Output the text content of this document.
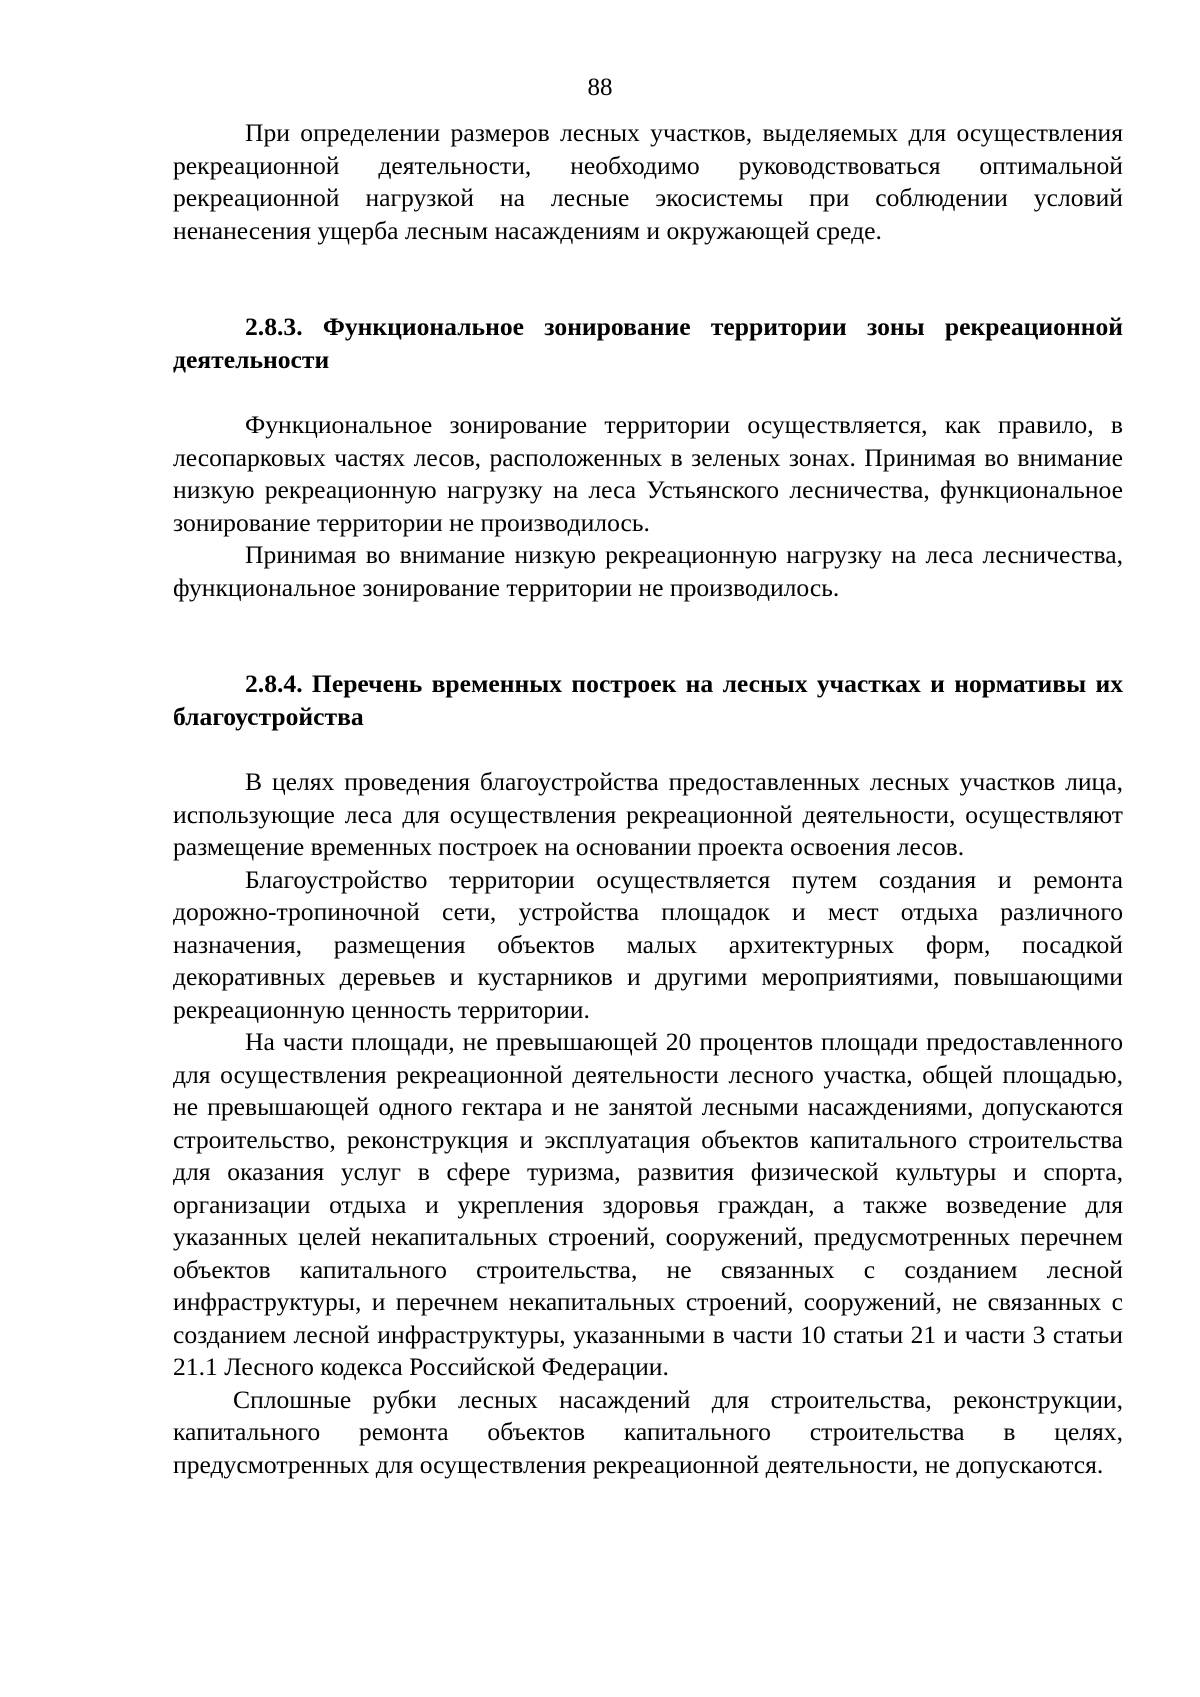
88

При определении размеров лесных участков, выделяемых для осуществления рекреационной деятельности, необходимо руководствоваться оптимальной рекреационной нагрузкой на лесные экосистемы при соблюдении условий ненанесения ущерба лесным насаждениям и окружающей среде.

2.8.3. Функциональное зонирование территории зоны рекреационной деятельности

Функциональное зонирование территории осуществляется, как правило, в лесопарковых частях лесов, расположенных в зеленых зонах. Принимая во внимание низкую рекреационную нагрузку на леса Устьянского лесничества, функциональное зонирование территории не производилось.

Принимая во внимание низкую рекреационную нагрузку на леса лесничества, функциональное зонирование территории не производилось.

2.8.4. Перечень временных построек на лесных участках и нормативы их благоустройства

В целях проведения благоустройства предоставленных лесных участков лица, использующие леса для осуществления рекреационной деятельности, осуществляют размещение временных построек на основании проекта освоения лесов.

Благоустройство территории осуществляется путем создания и ремонта дорожно-тропиночной сети, устройства площадок и мест отдыха различного назначения, размещения объектов малых архитектурных форм, посадкой декоративных деревьев и кустарников и другими мероприятиями, повышающими рекреационную ценность территории.

На части площади, не превышающей 20 процентов площади предоставленного для осуществления рекреационной деятельности лесного участка, общей площадью, не превышающей одного гектара и не занятой лесными насаждениями, допускаются строительство, реконструкция и эксплуатация объектов капитального строительства для оказания услуг в сфере туризма, развития физической культуры и спорта, организации отдыха и укрепления здоровья граждан, а также возведение для указанных целей некапитальных строений, сооружений, предусмотренных перечнем объектов капитального строительства, не связанных с созданием лесной инфраструктуры, и перечнем некапитальных строений, сооружений, не связанных с созданием лесной инфраструктуры, указанными в части 10 статьи 21 и части 3 статьи 21.1 Лесного кодекса Российской Федерации.

Сплошные рубки лесных насаждений для строительства, реконструкции, капитального ремонта объектов капитального строительства в целях, предусмотренных для осуществления рекреационной деятельности, не допускаются.
